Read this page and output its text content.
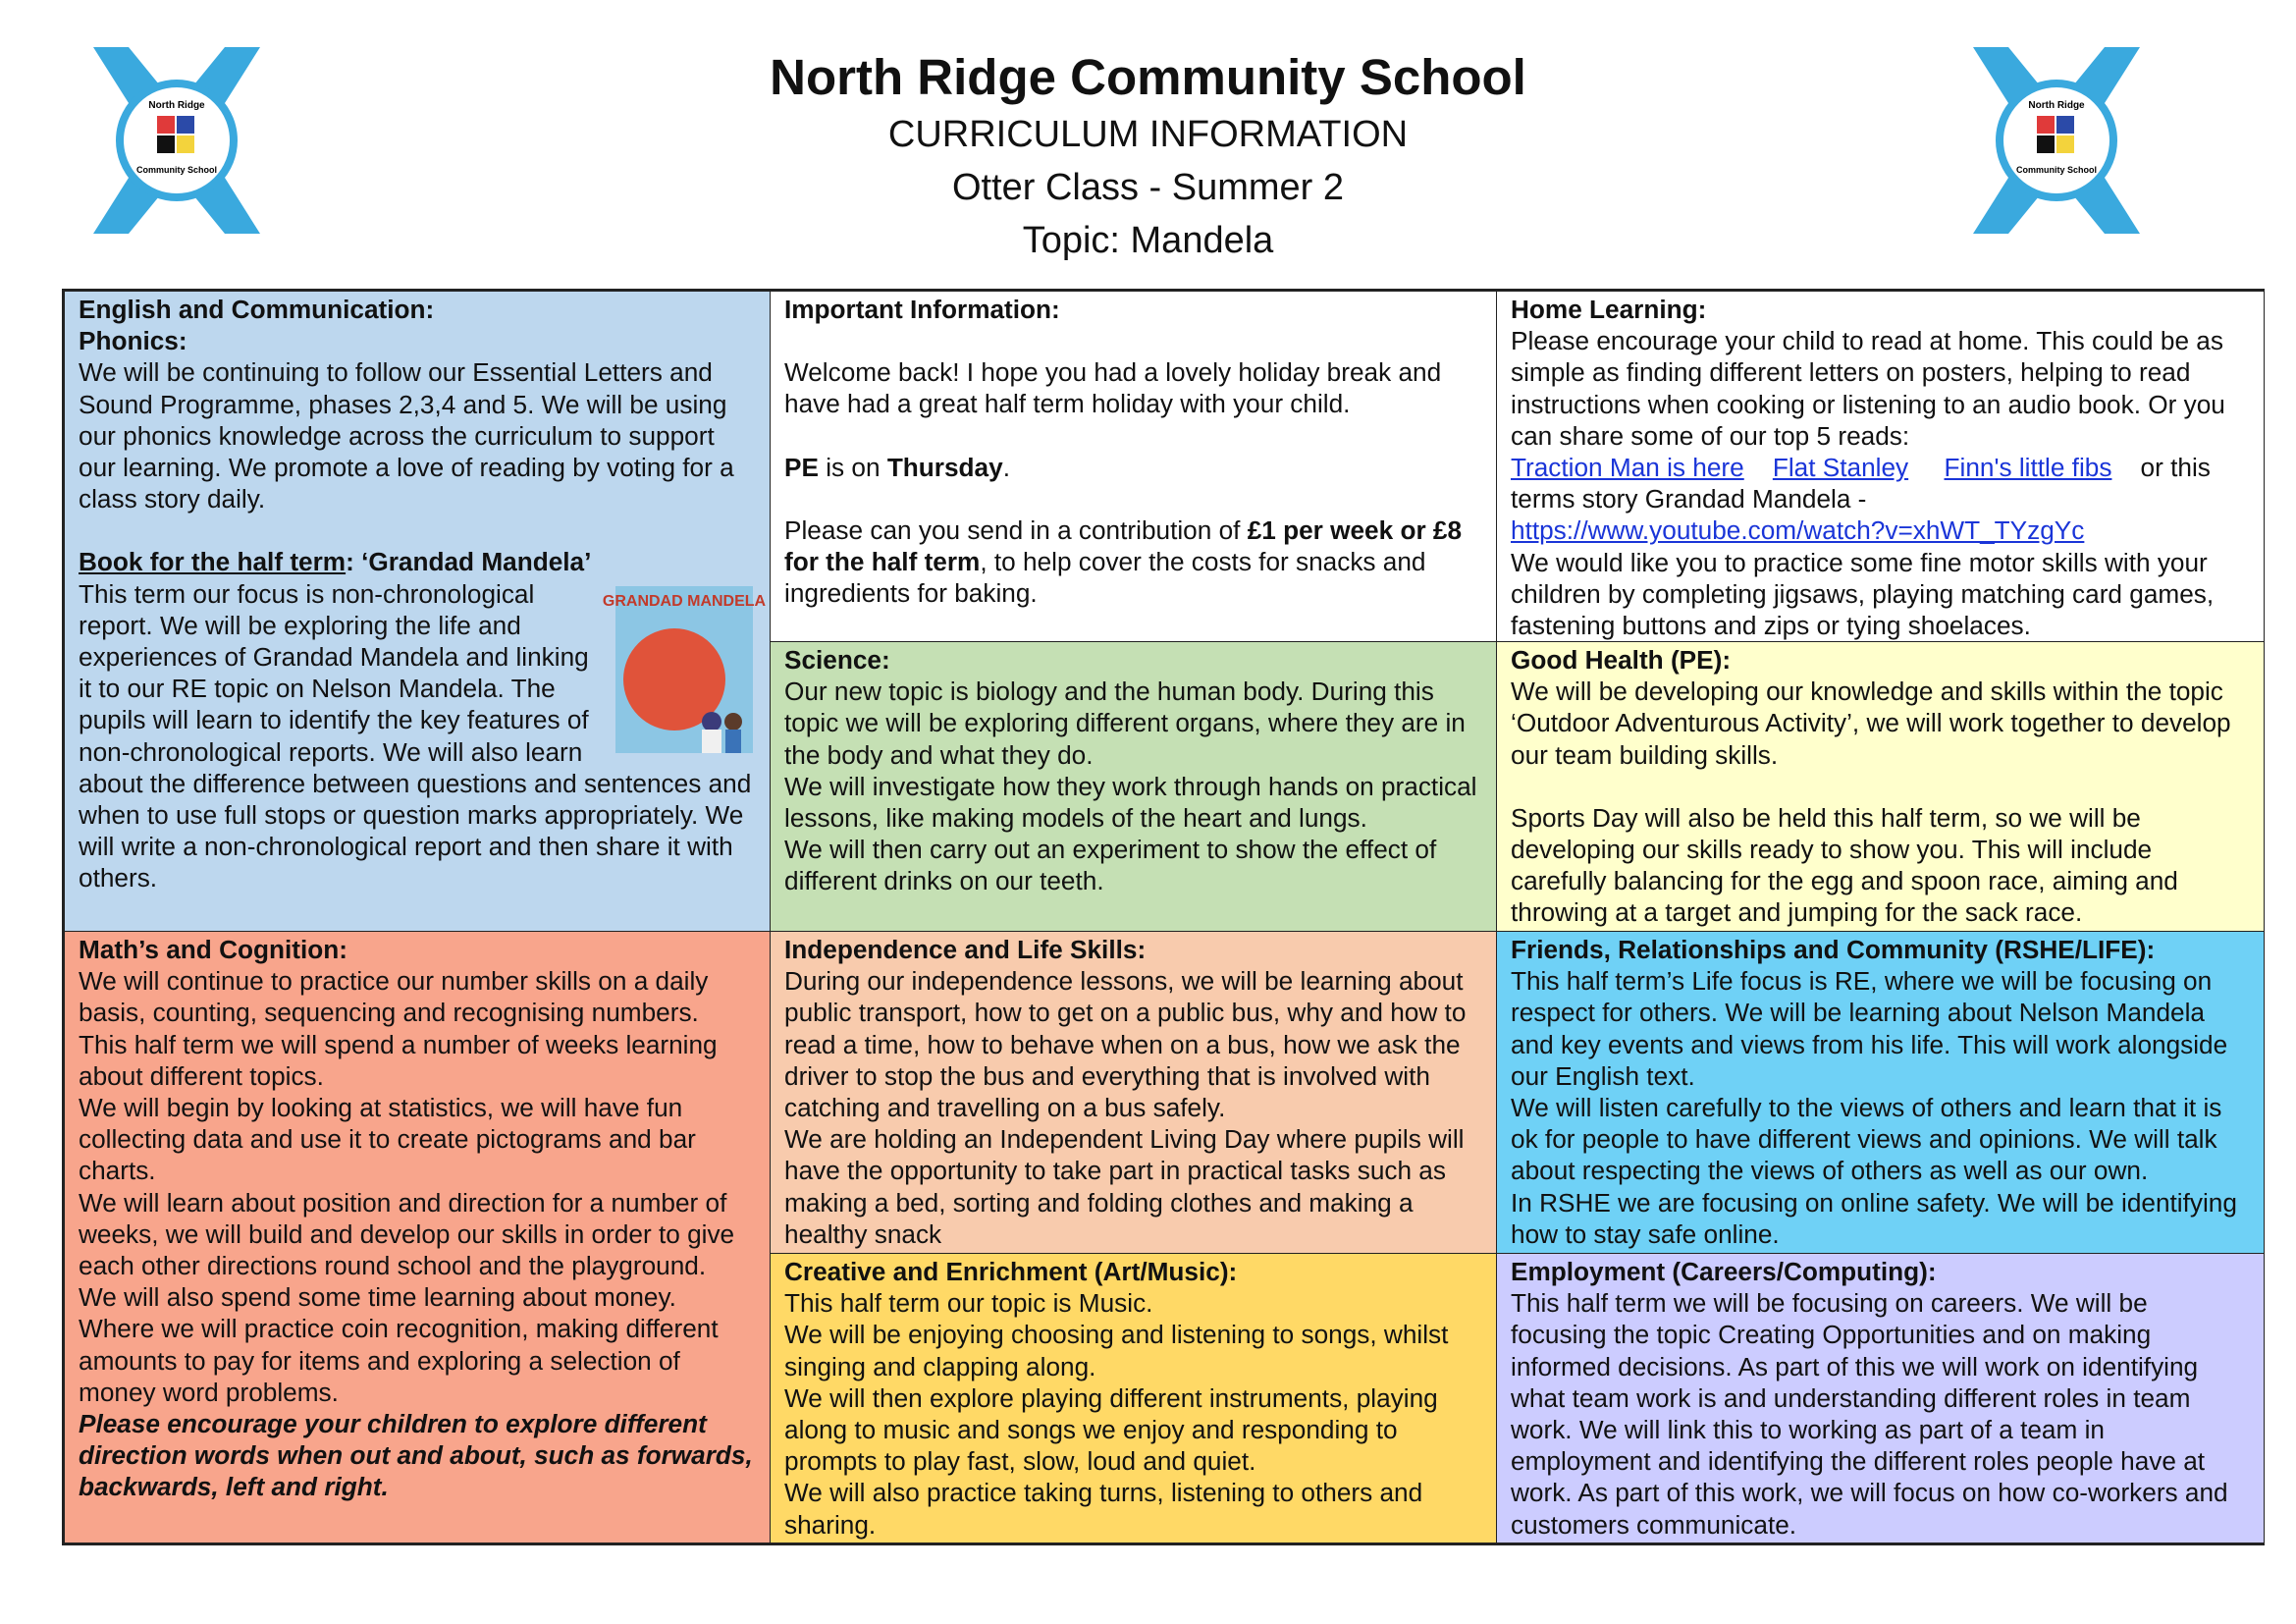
North Ridge
Community School
North Ridge
Community School
North Ridge Community School
CURRICULUM INFORMATION
Otter Class - Summer 2
Topic: Mandela
English and Communication:
Phonics:

We will be continuing to follow our Essential Letters and Sound Programme, phases 2,3,4 and 5. We will be using our phonics knowledge across the curriculum to support our learning. We promote a love of reading by voting for a class story daily.

Book for the half term: ‘Grandad Mandela’

GRANDAD MANDELA

This term our focus is non-chronological report. We will be exploring the life and experiences of Grandad Mandela and linking it to our RE topic on Nelson Mandela. The pupils will learn to identify the key features of non-chronological reports. We will also learn about the difference between questions and sentences and when to use full stops or question marks appropriately. We will write a non-chronological report and then share it with others.

Important Information:

Welcome back! I hope you had a lovely holiday break and have had a great half term holiday with your child.

PE is on Thursday.

Please can you send in a contribution of £1 per week or £8 for the half term, to help cover the costs for snacks and ingredients for baking.

Home Learning:

Please encourage your child to read at home. This could be as simple as finding different letters on posters, helping to read instructions when cooking or listening to an audio book. Or you can share some of our top 5 reads:

Traction Man is here Flat Stanley Finn's little fibs or this terms story Grandad Mandela -

https://www.youtube.com/watch?v=xhWT_TYzgYc

We would like you to practice some fine motor skills with your children by completing jigsaws, playing matching card games, fastening buttons and zips or tying shoelaces.

Science:

Our new topic is biology and the human body. During this topic we will be exploring different organs, where they are in the body and what they do.

We will investigate how they work through hands on practical lessons, like making models of the heart and lungs.

We will then carry out an experiment to show the effect of different drinks on our teeth.

Good Health (PE):

We will be developing our knowledge and skills within the topic ‘Outdoor Adventurous Activity’, we will work together to develop our team building skills.

Sports Day will also be held this half term, so we will be developing our skills ready to show you. This will include carefully balancing for the egg and spoon race, aiming and throwing at a target and jumping for the sack race.

Math’s and Cognition:

We will continue to practice our number skills on a daily basis, counting, sequencing and recognising numbers.

This half term we will spend a number of weeks learning about different topics.

We will begin by looking at statistics, we will have fun collecting data and use it to create pictograms and bar charts.

We will learn about position and direction for a number of weeks, we will build and develop our skills in order to give each other directions round school and the playground.

We will also spend some time learning about money. Where we will practice coin recognition, making different amounts to pay for items and exploring a selection of money word problems.

Please encourage your children to explore different direction words when out and about, such as forwards, backwards, left and right.

Independence and Life Skills:

During our independence lessons, we will be learning about public transport, how to get on a public bus, why and how to read a time, how to behave when on a bus, how we ask the driver to stop the bus and everything that is involved with catching and travelling on a bus safely.

We are holding an Independent Living Day where pupils will have the opportunity to take part in practical tasks such as making a bed, sorting and folding clothes and making a healthy snack

Friends, Relationships and Community (RSHE/LIFE):

This half term’s Life focus is RE, where we will be focusing on respect for others. We will be learning about Nelson Mandela and key events and views from his life. This will work alongside our English text.

We will listen carefully to the views of others and learn that it is ok for people to have different views and opinions. We will talk about respecting the views of others as well as our own.

In RSHE we are focusing on online safety. We will be identifying how to stay safe online.

Creative and Enrichment (Art/Music):

This half term our topic is Music.

We will be enjoying choosing and listening to songs, whilst singing and clapping along.

We will then explore playing different instruments, playing along to music and songs we enjoy and responding to prompts to play fast, slow, loud and quiet.

We will also practice taking turns, listening to others and sharing.

Employment (Careers/Computing):

This half term we will be focusing on careers. We will be focusing the topic Creating Opportunities and on making informed decisions. As part of this we will work on identifying what team work is and understanding different roles in team work. We will link this to working as part of a team in employment and identifying the different roles people have at work. As part of this work, we will focus on how co-workers and customers communicate.
